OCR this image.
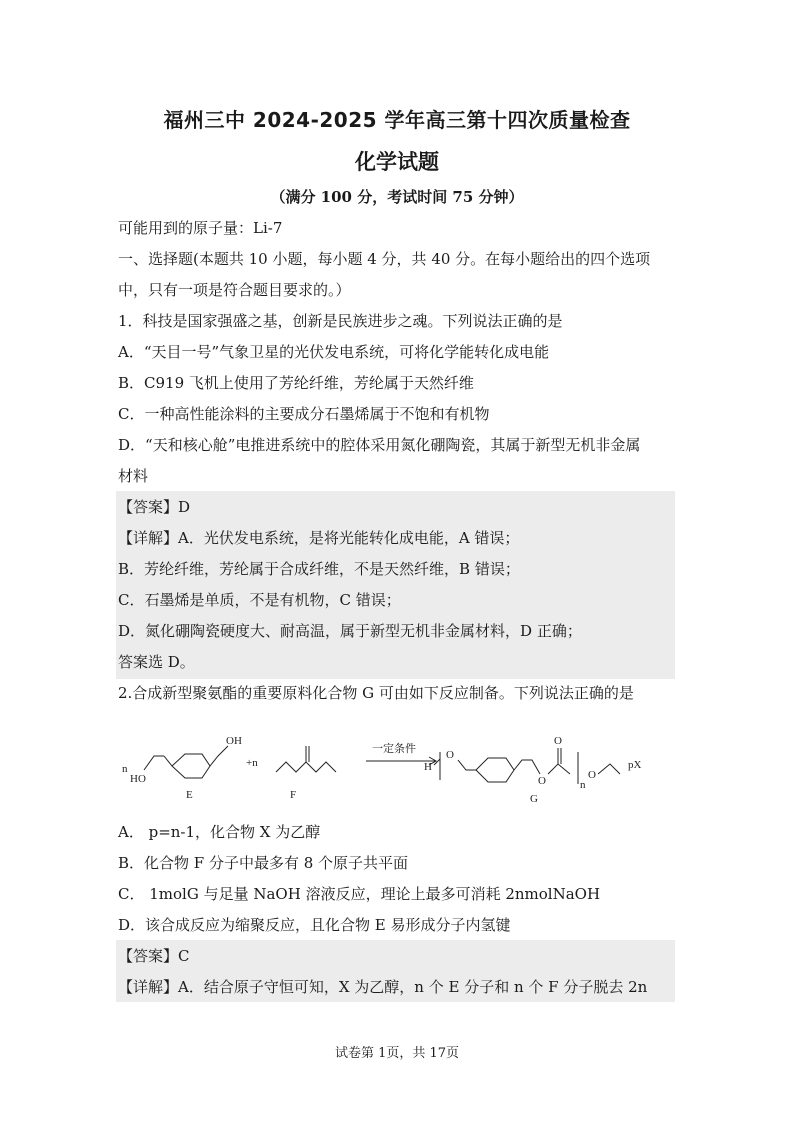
福州三中 2024-2025 学年高三第十四次质量检查
化学试题
（满分 100 分，考试时间 75 分钟）
可能用到的原子量：Li-7
一、选择题(本题共 10 小题，每小题 4 分，共 40 分。在每小题给出的四个选项
中，只有一项是符合题目要求的。）
1．科技是国家强盛之基，创新是民族进步之魂。下列说法正确的是
A．“天目一号”气象卫星的光伏发电系统，可将化学能转化成电能
B．C919 飞机上使用了芳纶纤维，芳纶属于天然纤维
C．一种高性能涂料的主要成分石墨烯属于不饱和有机物
D．“天和核心舱”电推进系统中的腔体采用氮化硼陶瓷，其属于新型无机非金属
材料
【答案】D
【详解】A．光伏发电系统，是将光能转化成电能，A 错误；
B．芳纶纤维，芳纶属于合成纤维，不是天然纤维，B 错误；
C．石墨烯是单质，不是有机物，C 错误；
D．氮化硼陶瓷硬度大、耐高温，属于新型无机非金属材料，D 正确；
答案选 D。
2.合成新型聚氨酯的重要原料化合物 G 可由如下反应制备。下列说法正确的是
n
HO
OH
E
+n
F
一定条件
H
O
O
O
O
n
G
pX
A． p=n-1，化合物 X 为乙醇
B．化合物 F 分子中最多有 8 个原子共平面
C． 1molG 与足量 NaOH 溶液反应，理论上最多可消耗 2nmolNaOH
D．该合成反应为缩聚反应，且化合物 E 易形成分子内氢键
【答案】C
【详解】A．结合原子守恒可知，X 为乙醇，n 个 E 分子和 n 个 F 分子脱去 2n
试卷第 1页，共 17页
